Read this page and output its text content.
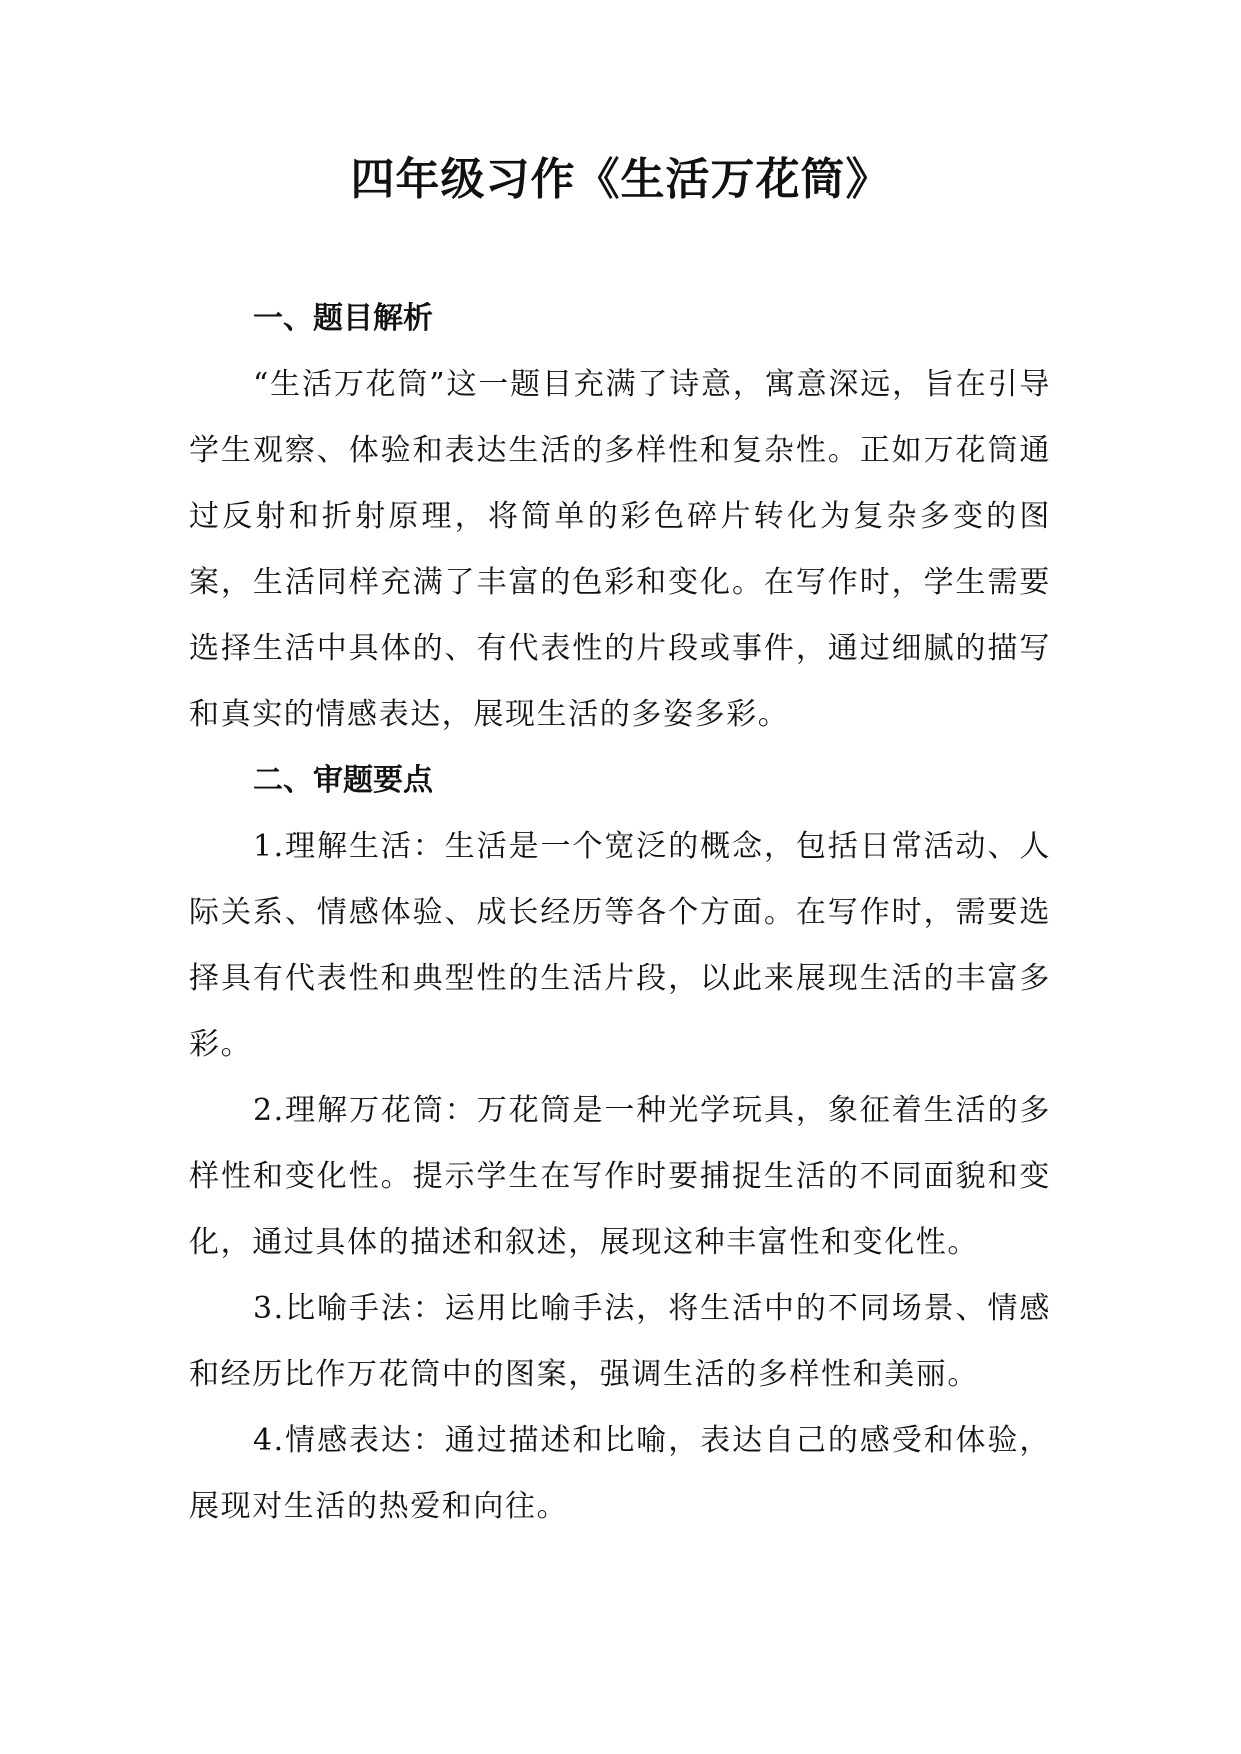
四年级习作《生活万花筒》

一、题目解析

“生活万花筒”这一题目充满了诗意，寓意深远，旨在引导学生观察、体验和表达生活的多样性和复杂性。正如万花筒通过反射和折射原理，将简单的彩色碎片转化为复杂多变的图案，生活同样充满了丰富的色彩和变化。在写作时，学生需要选择生活中具体的、有代表性的片段或事件，通过细腻的描写和真实的情感表达，展现生活的多姿多彩。

二、审题要点

1.理解生活：生活是一个宽泛的概念，包括日常活动、人际关系、情感体验、成长经历等各个方面。在写作时，需要选择具有代表性和典型性的生活片段，以此来展现生活的丰富多彩。

2.理解万花筒：万花筒是一种光学玩具，象征着生活的多样性和变化性。提示学生在写作时要捕捉生活的不同面貌和变化，通过具体的描述和叙述，展现这种丰富性和变化性。

3.比喻手法：运用比喻手法，将生活中的不同场景、情感和经历比作万花筒中的图案，强调生活的多样性和美丽。

4.情感表达：通过描述和比喻，表达自己的感受和体验，展现对生活的热爱和向往。
